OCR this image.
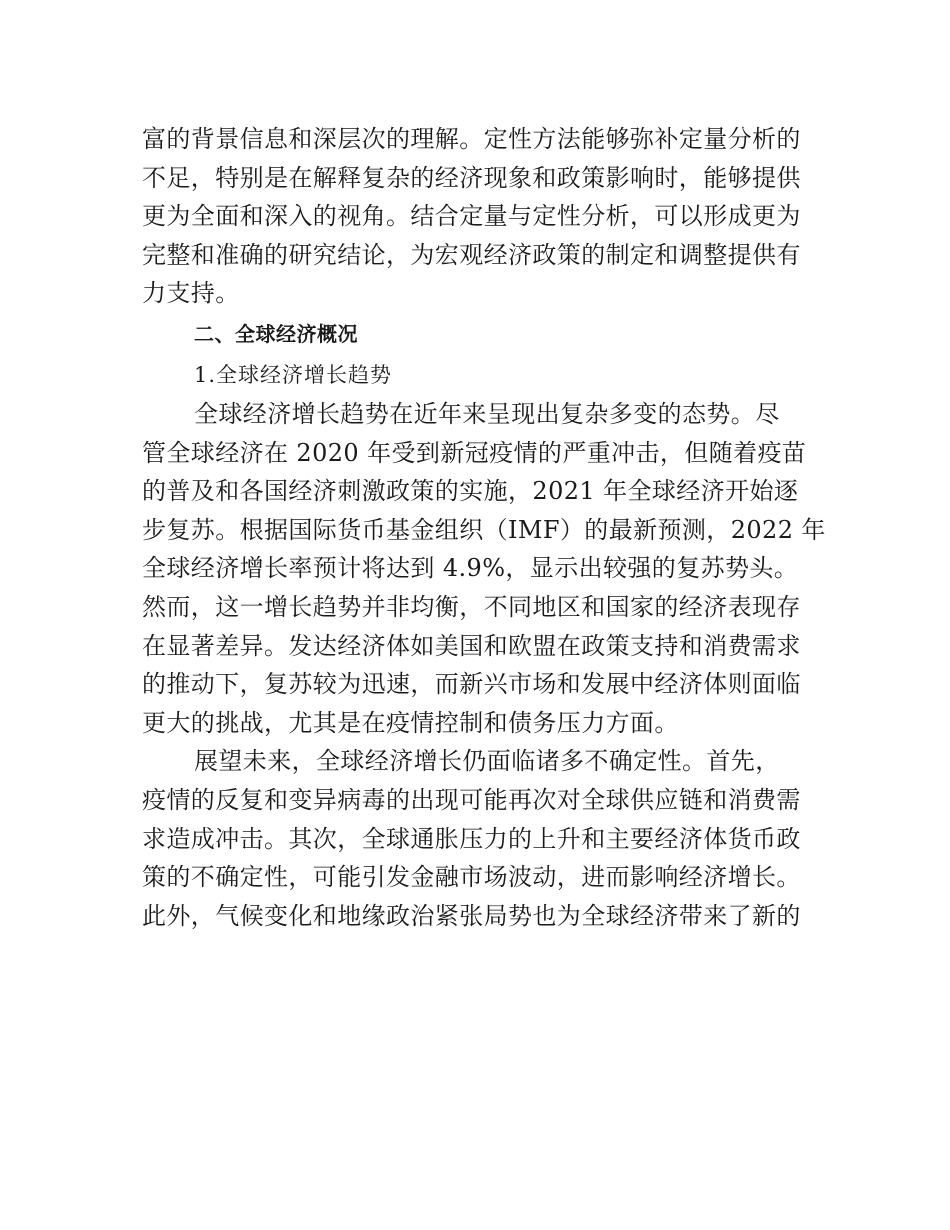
富的背景信息和深层次的理解。定性方法能够弥补定量分析的
不足，特别是在解释复杂的经济现象和政策影响时，能够提供
更为全面和深入的视角。结合定量与定性分析，可以形成更为
完整和准确的研究结论，为宏观经济政策的制定和调整提供有
力支持。
二、全球经济概况
1.全球经济增长趋势
全球经济增长趋势在近年来呈现出复杂多变的态势。尽
管全球经济在 2020 年受到新冠疫情的严重冲击，但随着疫苗
的普及和各国经济刺激政策的实施，2021 年全球经济开始逐
步复苏。根据国际货币基金组织（IMF）的最新预测，2022 年
全球经济增长率预计将达到 4.9%，显示出较强的复苏势头。
然而，这一增长趋势并非均衡，不同地区和国家的经济表现存
在显著差异。发达经济体如美国和欧盟在政策支持和消费需求
的推动下，复苏较为迅速，而新兴市场和发展中经济体则面临
更大的挑战，尤其是在疫情控制和债务压力方面。
展望未来，全球经济增长仍面临诸多不确定性。首先，
疫情的反复和变异病毒的出现可能再次对全球供应链和消费需
求造成冲击。其次，全球通胀压力的上升和主要经济体货币政
策的不确定性，可能引发金融市场波动，进而影响经济增长。
此外，气候变化和地缘政治紧张局势也为全球经济带来了新的
